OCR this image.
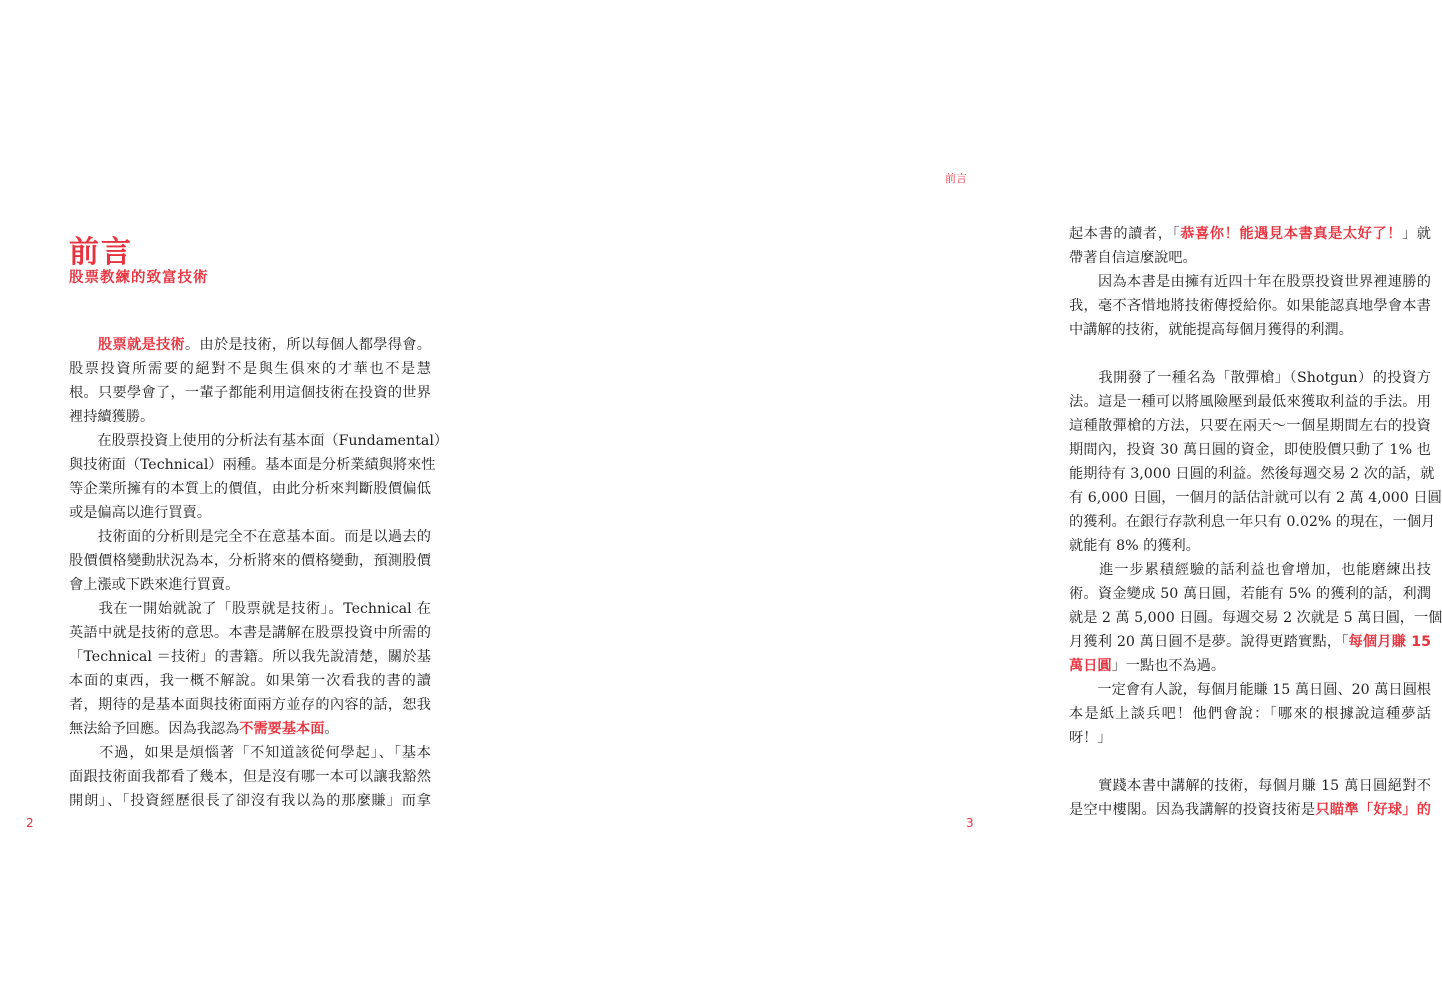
前言
股票教練的致富技術
　　股票就是技術。由於是技術，所以每個人都學得會。
股票投資所需要的絕對不是與生俱來的才華也不是慧
根。只要學會了，一輩子都能利用這個技術在投資的世界
裡持續獲勝。
　　在股票投資上使用的分析法有基本面（Fundamental）
與技術面（Technical）兩種。基本面是分析業績與將來性
等企業所擁有的本質上的價值，由此分析來判斷股價偏低
或是偏高以進行買賣。
　　技術面的分析則是完全不在意基本面。而是以過去的
股價價格變動狀況為本，分析將來的價格變動，預測股價
會上漲或下跌來進行買賣。
　　我在一開始就說了「股票就是技術」。Technical 在
英語中就是技術的意思。本書是講解在股票投資中所需的
「Technical ＝技術」的書籍。所以我先說清楚，關於基
本面的東西，我一概不解說。如果第一次看我的書的讀
者，期待的是基本面與技術面兩方並存的內容的話，恕我
無法給予回應。因為我認為不需要基本面。
　　不過，如果是煩惱著「不知道該從何學起」、「基本
面跟技術面我都看了幾本，但是沒有哪一本可以讓我豁然
開朗」、「投資經歷很長了卻沒有我以為的那麼賺」而拿
2
起本書的讀者，「恭喜你！能遇見本書真是太好了！」就
帶著自信這麼說吧。
　　因為本書是由擁有近四十年在股票投資世界裡連勝的
我，毫不吝惜地將技術傳授給你。如果能認真地學會本書
中講解的技術，就能提高每個月獲得的利潤。
　　我開發了一種名為「散彈槍」（Shotgun）的投資方
法。這是一種可以將風險壓到最低來獲取利益的手法。用
這種散彈槍的方法，只要在兩天～一個星期間左右的投資
期間內，投資 30 萬日圓的資金，即使股價只動了 1% 也
能期待有 3,000 日圓的利益。然後每週交易 2 次的話，就
有 6,000 日圓，一個月的話估計就可以有 2 萬 4,000 日圓
的獲利。在銀行存款利息一年只有 0.02% 的現在，一個月
就能有 8% 的獲利。
　　進一步累積經驗的話利益也會增加，也能磨練出技
術。資金變成 50 萬日圓，若能有 5% 的獲利的話，利潤
就是 2 萬 5,000 日圓。每週交易 2 次就是 5 萬日圓，一個
月獲利 20 萬日圓不是夢。說得更踏實點，「每個月賺 15
萬日圓」一點也不為過。
　　一定會有人說，每個月能賺 15 萬日圓、20 萬日圓根
本是紙上談兵吧！他們會說：「哪來的根據說這種夢話
呀！」
　　實踐本書中講解的技術，每個月賺 15 萬日圓絕對不
是空中樓閣。因為我講解的投資技術是只瞄準「好球」的
前言
3
